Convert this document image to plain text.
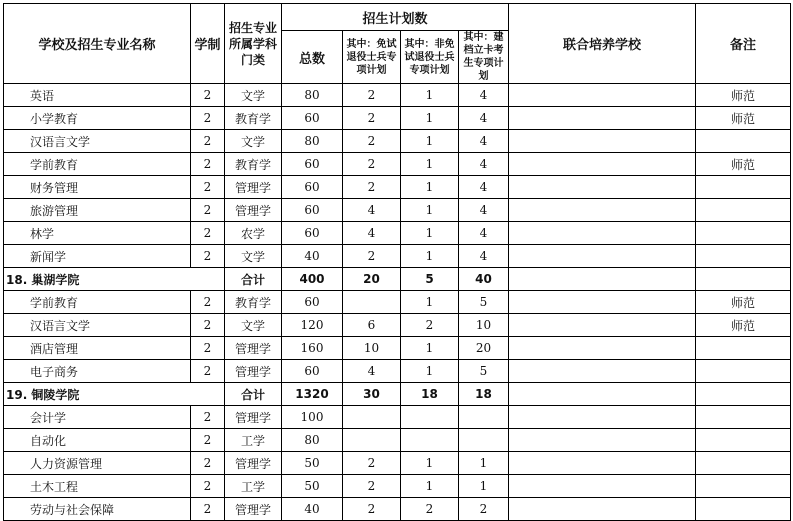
学校及招生专业名称	学制	招生专业所属学科门类	招生计划数				联合培养学校	备注
			总数	其中：免试退役士兵专项计划	其中：非免试退役士兵专项计划	其中：建档立卡考生专项计划		
英语	2	文学	80	2	1	4		师范
小学教育	2	教育学	60	2	1	4		师范
汉语言文学	2	文学	80	2	1	4		
学前教育	2	教育学	60	2	1	4		师范
财务管理	2	管理学	60	2	1	4		
旅游管理	2	管理学	60	4	1	4		
林学	2	农学	60	4	1	4		
新闻学	2	文学	40	2	1	4		
18. 巢湖学院		合计	400	20	5	40		
学前教育	2	教育学	60		1	5		师范
汉语言文学	2	文学	120	6	2	10		师范
酒店管理	2	管理学	160	10	1	20		
电子商务	2	管理学	60	4	1	5		
19. 铜陵学院		合计	1320	30	18	18		
会计学	2	管理学	100					
自动化	2	工学	80					
人力资源管理	2	管理学	50	2	1	1		
土木工程	2	工学	50	2	1	1		
劳动与社会保障	2	管理学	40	2	2	2		
